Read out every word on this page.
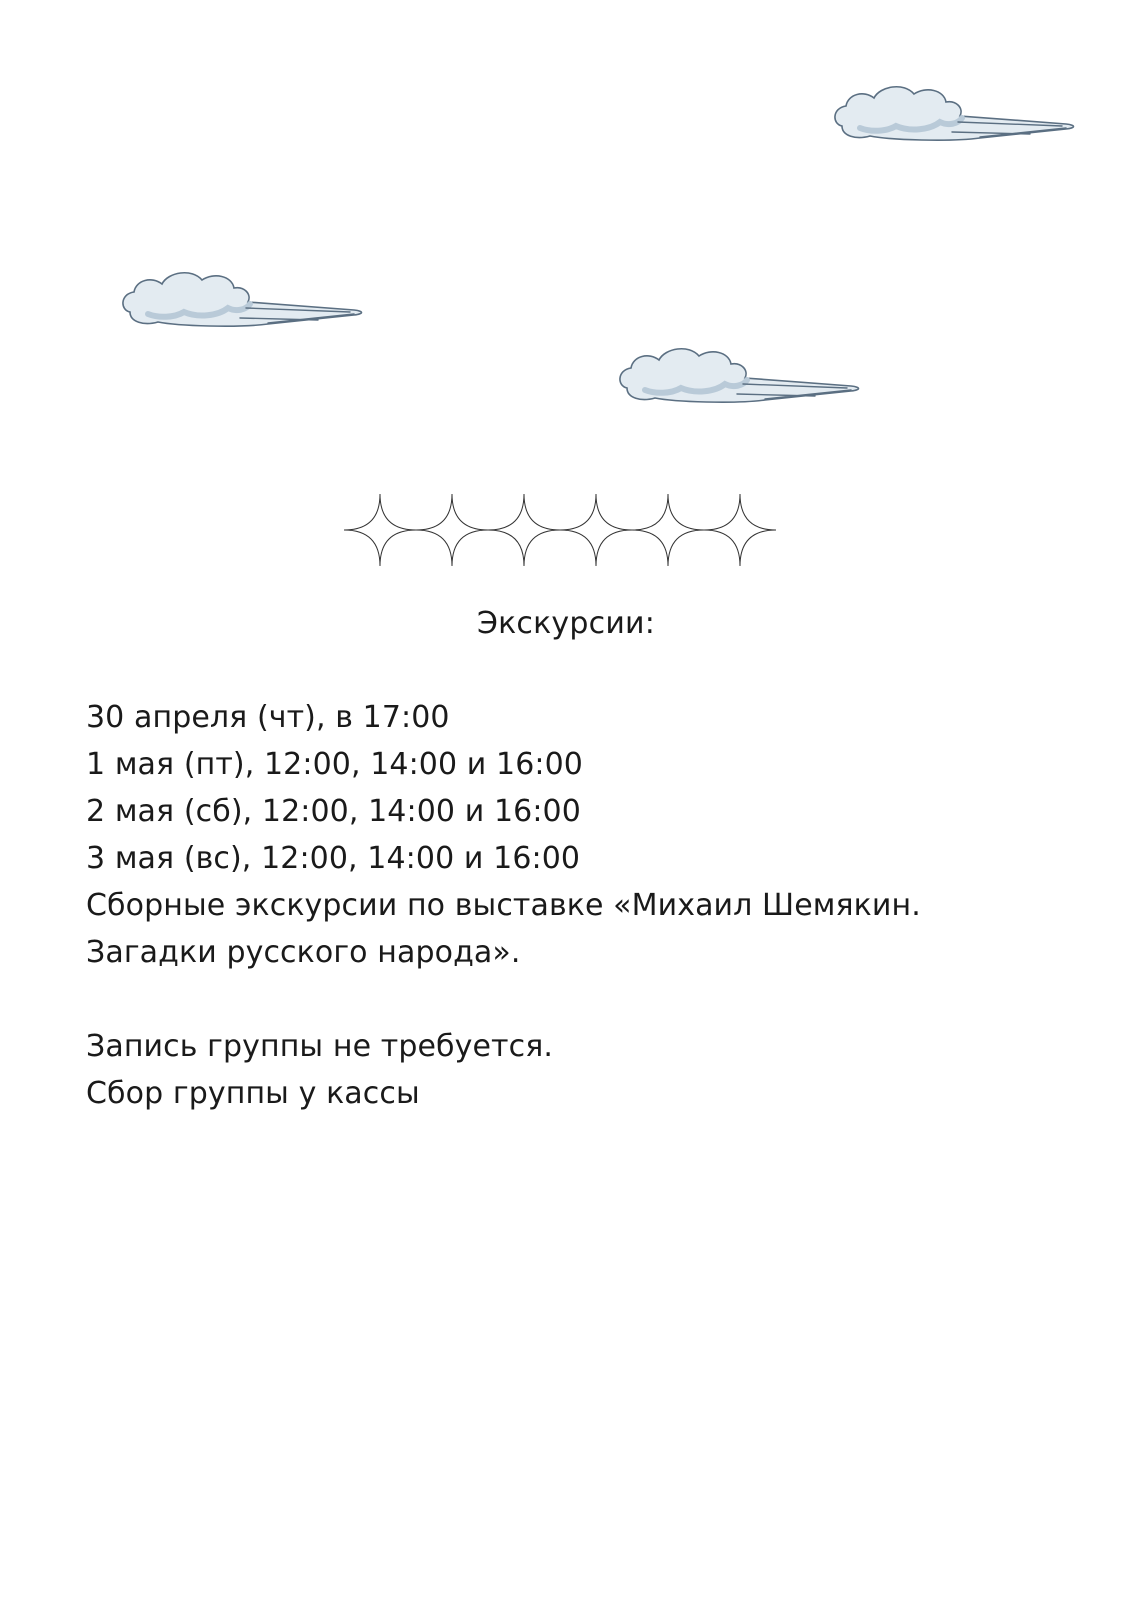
Экскурсии:
30 апреля (чт), в 17:00
1 мая (пт), 12:00, 14:00 и 16:00
2 мая (сб), 12:00, 14:00 и 16:00
3 мая (вс), 12:00, 14:00 и 16:00
Сборные экскурсии по выставке «Михаил Шемякин.
Загадки русского народа».
Запись группы не требуется.
Сбор группы у кассы
